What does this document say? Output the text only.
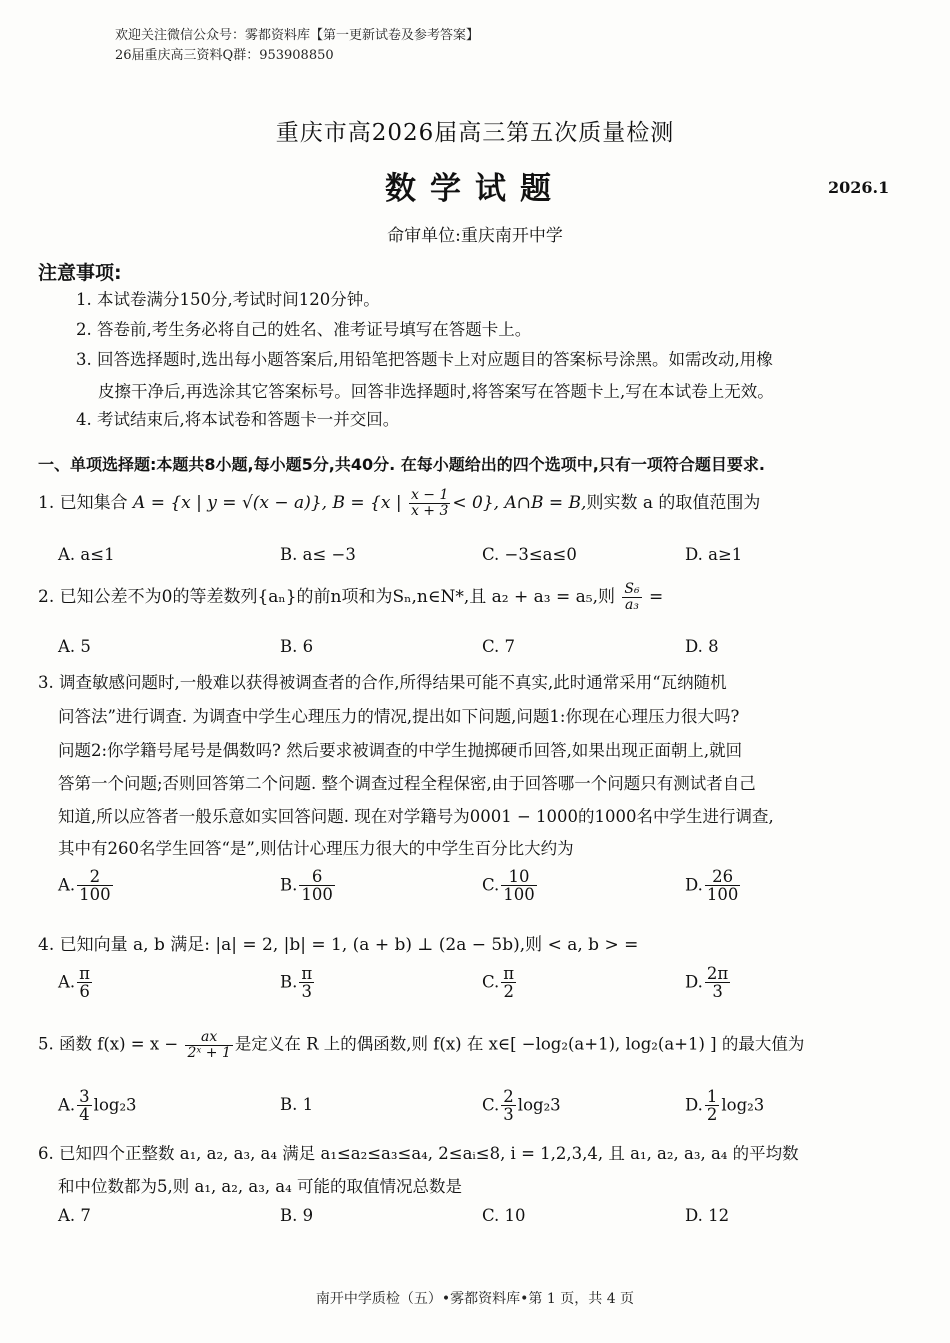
欢迎关注微信公众号：雾都资料库【第一更新试卷及参考答案】
26届重庆高三资料Q群：953908850
重庆市高2026届高三第五次质量检测
数学试题	2026.1
命审单位:重庆南开中学
注意事项:
1. 本试卷满分150分,考试时间120分钟。
2. 答卷前,考生务必将自己的姓名、准考证号填写在答题卡上。
3. 回答选择题时,选出每小题答案后,用铅笔把答题卡上对应题目的答案标号涂黑。如需改动,用橡
皮擦干净后,再选涂其它答案标号。回答非选择题时,将答案写在答题卡上,写在本试卷上无效。
4. 考试结束后,将本试卷和答题卡一并交回。
一、单项选择题:本题共8小题,每小题5分,共40分. 在每小题给出的四个选项中,只有一项符合题目要求.
1. 已知集合 A = {x | y = √(x − a)}, B = {x | $\frac{x - 1}{x + 3} < 0$}, A∩B = B,则实数 a 的取值范围为
A. a≤1	B. a≤ −3	C. −3≤a≤0	D. a≥1
2. 已知公差不为0的等差数列{aₙ}的前n项和为Sₙ,n∈N*,且 a₂ + a₃ = a₅,则 $\frac{\text{S₆}}{\text{a₃}}$ =
A. 5	B. 6	C. 7	D. 8
3. 调查敏感问题时,一般难以获得被调查者的合作,所得结果可能不真实,此时通常采用“瓦纳随机
问答法”进行调查. 为调查中学生心理压力的情况,提出如下问题,问题1:你现在心理压力很大吗?
问题2:你学籍号尾号是偶数吗? 然后要求被调查的中学生抛掷硬币回答,如果出现正面朝上,就回
答第一个问题;否则回答第二个问题. 整个调查过程全程保密,由于回答哪一个问题只有测试者自己
知道,所以应答者一般乐意如实回答问题. 现在对学籍号为0001 − 1000的1000名中学生进行调查,
其中有260名学生回答“是”,则估计心理压力很大的中学生百分比大约为
A. $\frac{2}{100}$	B. $\frac{6}{100}$	C. $\frac{10}{100}$	D. $\frac{26}{100}$
4. 已知向量 a, b 满足: |a| = 2, |b| = 1, (a + b) ⊥ (2a − 5b),则 < a, b > =
A. $\frac{\pi}{6}$	B. $\frac{\pi}{3}$	C. $\frac{\pi}{2}$	D. $\frac{2\pi}{3}$
5. 函数 $f(x) = x - \frac{ax}{\text{2ˣ + 1}}$ 是定义在 R 上的偶函数,则 f(x) 在 x∈[ −log₂(a+1), log₂(a+1) ] 的最大值为
A. $\frac{3}{4} \log_23$	B. 1	C. $\frac{2}{3} \log_23$	D. $\frac{1}{2} \log_23$
6. 已知四个正整数 a₁, a₂, a₃, a₄ 满足 a₁≤a₂≤a₃≤a₄, 2≤aᵢ≤8, i = 1,2,3,4, 且 a₁, a₂, a₃, a₄ 的平均数
和中位数都为5,则 a₁, a₂, a₃, a₄ 可能的取值情况总数是
A. 7	B. 9	C. 10	D. 12
南开中学质检（五）•雾都资料库•第 1 页，共 4 页
